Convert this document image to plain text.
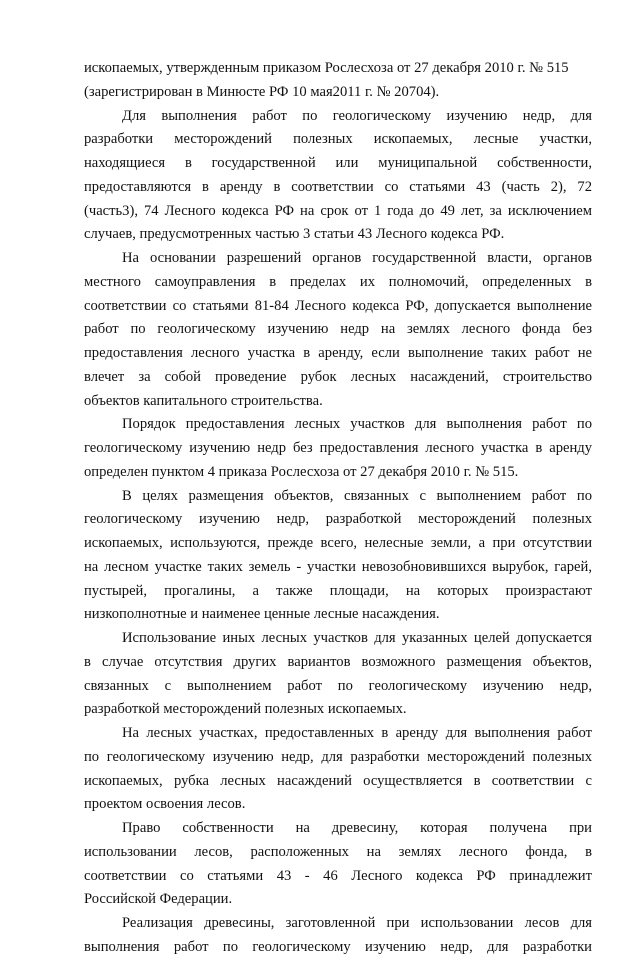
ископаемых, утвержденным приказом Рослесхоза от 27 декабря 2010 г. № 515
(зарегистрирован в Минюсте РФ 10 мая2011 г. № 20704).
Для выполнения работ по геологическому изучению недр, для
разработки месторождений полезных ископаемых, лесные участки,
находящиеся в государственной или муниципальной собственности,
предоставляются в аренду в соответствии со статьями 43 (часть 2), 72
(часть3), 74 Лесного кодекса РФ на срок от 1 года до 49 лет, за исключением
случаев, предусмотренных частью 3 статьи 43 Лесного кодекса РФ.
На основании разрешений органов государственной власти, органов
местного самоуправления в пределах их полномочий, определенных в
соответствии со статьями 81-84 Лесного кодекса РФ, допускается выполнение
работ по геологическому изучению недр на землях лесного фонда без
предоставления лесного участка в аренду, если выполнение таких работ не
влечет за собой проведение рубок лесных насаждений, строительство
объектов капитального строительства.
Порядок предоставления лесных участков для выполнения работ по
геологическому изучению недр без предоставления лесного участка в аренду
определен пунктом 4 приказа Рослесхоза от 27 декабря 2010 г. № 515.
В целях размещения объектов, связанных с выполнением работ по
геологическому изучению недр, разработкой месторождений полезных
ископаемых, используются, прежде всего, нелесные земли, а при отсутствии
на лесном участке таких земель - участки невозобновившихся вырубок, гарей,
пустырей, прогалины, а также площади, на которых произрастают
низкополнотные и наименее ценные лесные насаждения.
Использование иных лесных участков для указанных целей допускается
в случае отсутствия других вариантов возможного размещения объектов,
связанных с выполнением работ по геологическому изучению недр,
разработкой месторождений полезных ископаемых.
На лесных участках, предоставленных в аренду для выполнения работ
по геологическому изучению недр, для разработки месторождений полезных
ископаемых, рубка лесных насаждений осуществляется в соответствии с
проектом освоения лесов.
Право собственности на древесину, которая получена при
использовании лесов, расположенных на землях лесного фонда, в
соответствии со статьями 43 - 46 Лесного кодекса РФ принадлежит
Российской Федерации.
Реализация древесины, заготовленной при использовании лесов для
выполнения работ по геологическому изучению недр, для разработки
